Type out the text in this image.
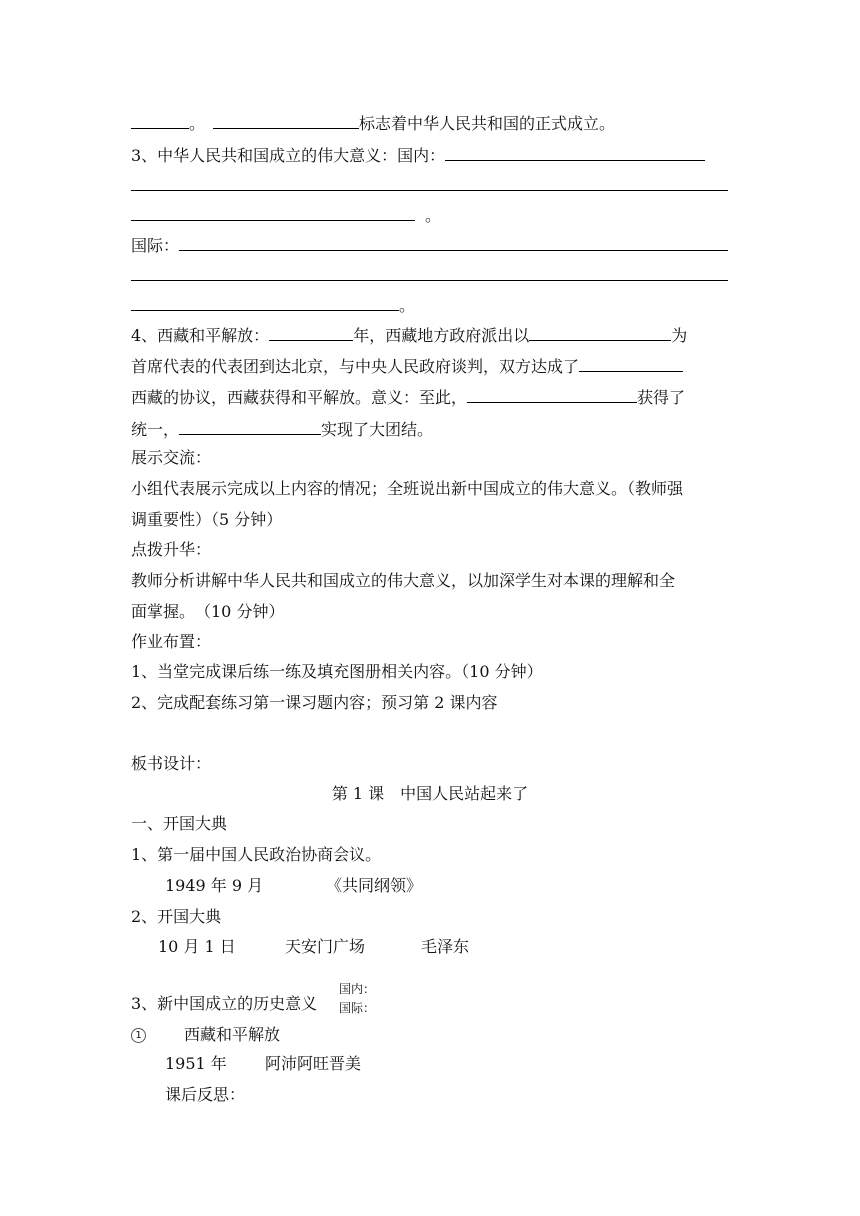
。	标志着中华人民共和国的正式成立。
3、中华人民共和国成立的伟大意义：国内：
。
国际：
。
4、西藏和平解放：	年，西藏地方政府派出以	为
首席代表的代表团到达北京，与中央人民政府谈判，双方达成了
西藏的协议，西藏获得和平解放。意义：至此，	获得了
统一，	实现了大团结。
展示交流：
小组代表展示完成以上内容的情况；全班说出新中国成立的伟大意义。（教师强
调重要性）（5 分钟）
点拨升华：
教师分析讲解中华人民共和国成立的伟大意义，以加深学生对本课的理解和全
面掌握。　（10 分钟）
作业布置：
1、当堂完成课后练一练及填充图册相关内容。（10 分钟）
2、完成配套练习第一课习题内容；预习第 2 课内容
板书设计：
第 1 课　中国人民站起来了
一、开国大典
1、第一届中国人民政治协商会议。
1949 年 9 月	《共同纲领》
2、开国大典
10 月 1 日	天安门广场	毛泽东
3、新中国成立的历史意义
国内：
国际：
1	西藏和平解放
1951 年 阿沛阿旺晋美
课后反思：
